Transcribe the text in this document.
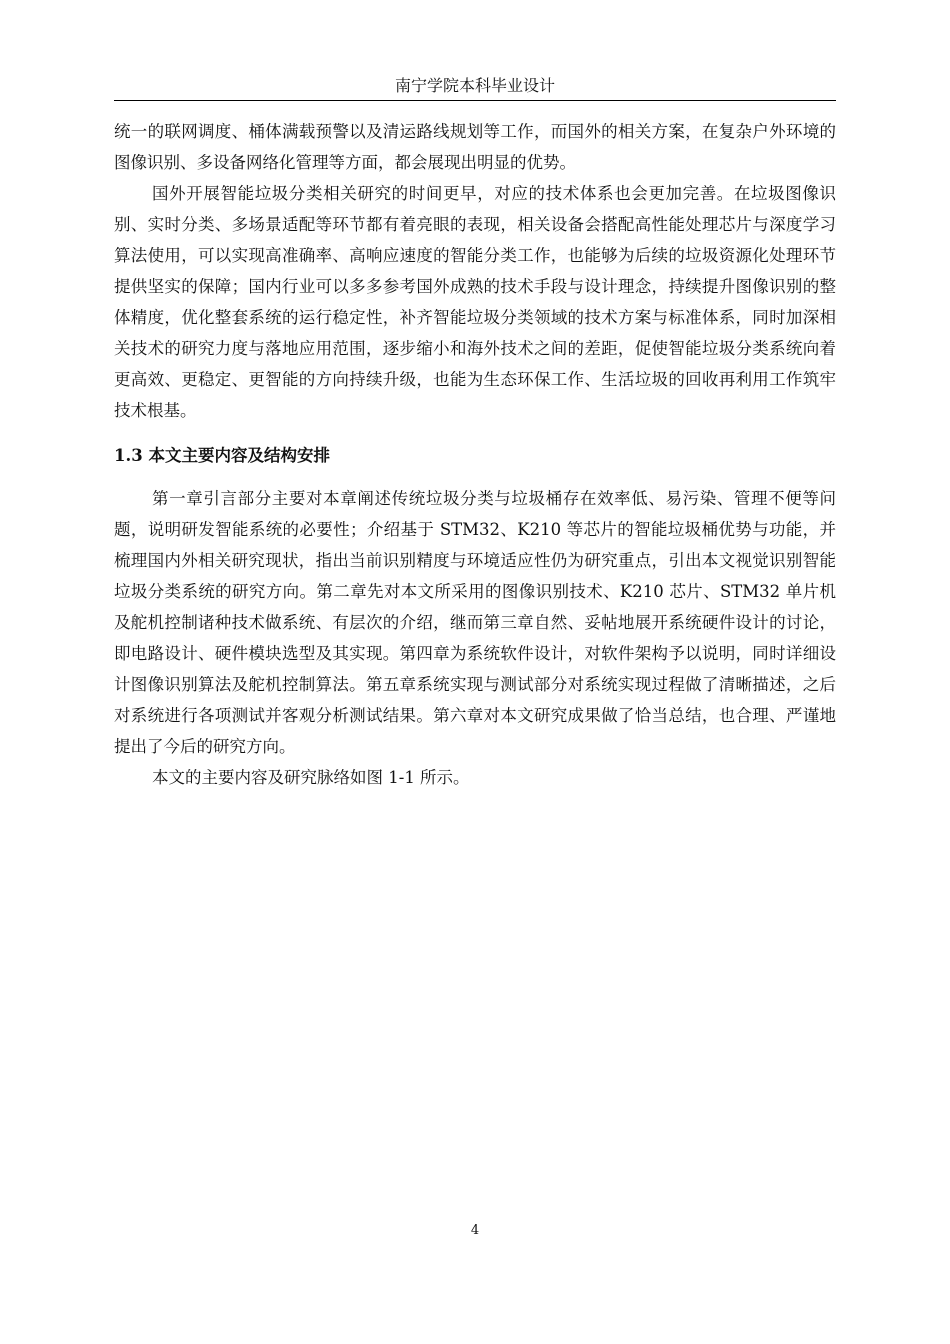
南宁学院本科毕业设计

统一的联网调度、桶体满载预警以及清运路线规划等工作，而国外的相关方案，在复杂户外环境的图像识别、多设备网络化管理等方面，都会展现出明显的优势。

国外开展智能垃圾分类相关研究的时间更早，对应的技术体系也会更加完善。在垃圾图像识别、实时分类、多场景适配等环节都有着亮眼的表现，相关设备会搭配高性能处理芯片与深度学习算法使用，可以实现高准确率、高响应速度的智能分类工作，也能够为后续的垃圾资源化处理环节提供坚实的保障；国内行业可以多多参考国外成熟的技术手段与设计理念，持续提升图像识别的整体精度，优化整套系统的运行稳定性，补齐智能垃圾分类领域的技术方案与标准体系，同时加深相关技术的研究力度与落地应用范围，逐步缩小和海外技术之间的差距，促使智能垃圾分类系统向着更高效、更稳定、更智能的方向持续升级，也能为生态环保工作、生活垃圾的回收再利用工作筑牢技术根基。

1.3 本文主要内容及结构安排

第一章引言部分主要对本章阐述传统垃圾分类与垃圾桶存在效率低、易污染、管理不便等问题，说明研发智能系统的必要性；介绍基于 STM32、K210 等芯片的智能垃圾桶优势与功能，并梳理国内外相关研究现状，指出当前识别精度与环境适应性仍为研究重点，引出本文视觉识别智能垃圾分类系统的研究方向。第二章先对本文所采用的图像识别技术、K210 芯片、STM32 单片机及舵机控制诸种技术做系统、有层次的介绍，继而第三章自然、妥帖地展开系统硬件设计的讨论，即电路设计、硬件模块选型及其实现。第四章为系统软件设计，对软件架构予以说明，同时详细设计图像识别算法及舵机控制算法。第五章系统实现与测试部分对系统实现过程做了清晰描述，之后对系统进行各项测试并客观分析测试结果。第六章对本文研究成果做了恰当总结，也合理、严谨地提出了今后的研究方向。

本文的主要内容及研究脉络如图 1-1 所示。

4
